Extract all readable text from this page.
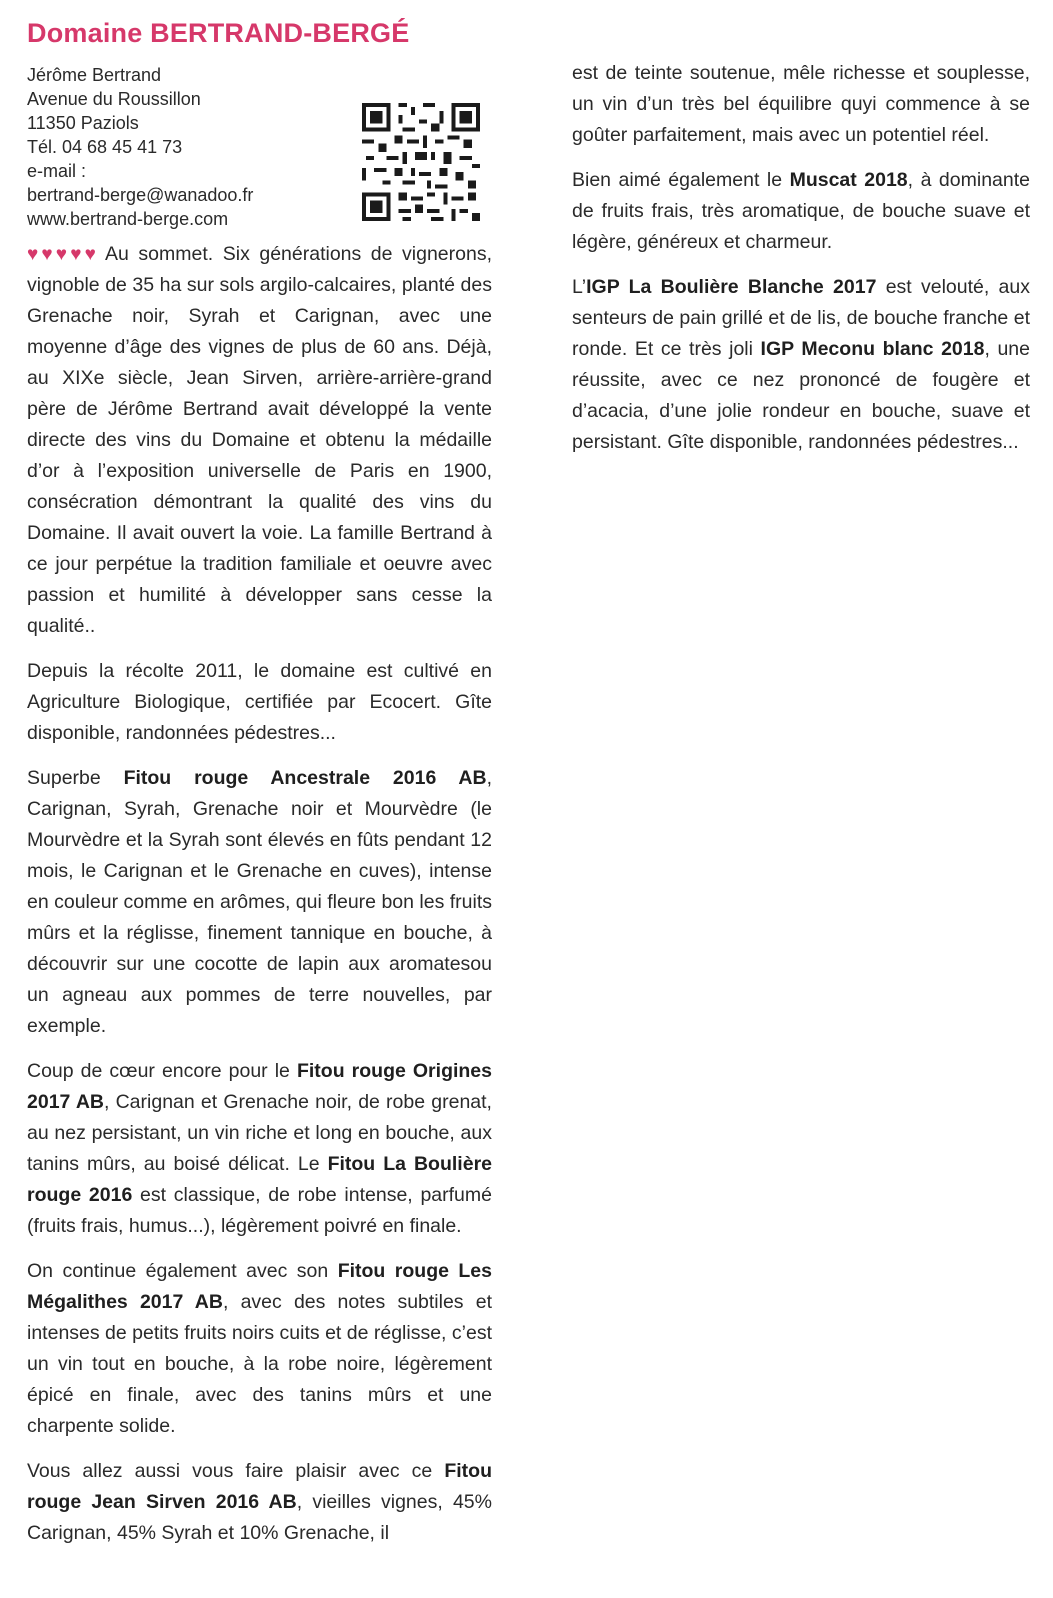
Domaine BERTRAND-BERGÉ
Jérôme Bertrand
Avenue du Roussillon
11350 Paziols
Tél. 04 68 45 41 73
e-mail :
bertrand-berge@wanadoo.fr
www.bertrand-berge.com

♥♥♥♥♥ Au sommet. Six générations de vignerons, vignoble de 35 ha sur sols argilo-calcaires, planté des Grenache noir, Syrah et Carignan, avec une moyenne d’âge des vignes de plus de 60 ans. Déjà, au XIXe siècle, Jean Sirven, arrière-arrière-grand père de Jérôme Bertrand avait développé la vente directe des vins du Domaine et obtenu la médaille d’or à l’exposition universelle de Paris en 1900, consécration démontrant la qualité des vins du Domaine. Il avait ouvert la voie. La famille Bertrand à ce jour perpétue la tradition familiale et oeuvre avec passion et humilité à développer sans cesse la qualité..

Depuis la récolte 2011, le domaine est cultivé en Agriculture Biologique, certifiée par Ecocert. Gîte disponible, randonnées pédestres...

Superbe Fitou rouge Ancestrale 2016 AB, Carignan, Syrah, Grenache noir et Mourvèdre (le Mourvèdre et la Syrah sont élevés en fûts pendant 12 mois, le Carignan et le Grenache en cuves), intense en couleur comme en arômes, qui fleure bon les fruits mûrs et la réglisse, finement tannique en bouche, à découvrir sur une cocotte de lapin aux aromatesou un agneau aux pommes de terre nouvelles, par exemple.

Coup de cœur encore pour le Fitou rouge Origines 2017 AB, Carignan et Grenache noir, de robe grenat, au nez persistant, un vin riche et long en bouche, aux tanins mûrs, au boisé délicat. Le Fitou La Boulière rouge 2016 est classique, de robe intense, parfumé (fruits frais, humus...), légèrement poivré en finale.

On continue également avec son Fitou rouge Les Mégalithes 2017 AB, avec des notes subtiles et intenses de petits fruits noirs cuits et de réglisse, c’est un vin tout en bouche, à la robe noire, légèrement épicé en finale, avec des tanins mûrs et une charpente solide.

Vous allez aussi vous faire plaisir avec ce Fitou rouge Jean Sirven 2016 AB, vieilles vignes, 45% Carignan, 45% Syrah et 10% Grenache, il

est de teinte soutenue, mêle richesse et souplesse, un vin d’un très bel équilibre quyi commence à se goûter parfaitement, mais avec un potentiel réel.

Bien aimé également le Muscat 2018, à dominante de fruits frais, très aromatique, de bouche suave et légère, généreux et charmeur.

L’IGP La Boulière Blanche 2017 est velouté, aux senteurs de pain grillé et de lis, de bouche franche et ronde. Et ce très joli IGP Meconu blanc 2018, une réussite, avec ce nez prononcé de fougère et d’acacia, d’une jolie rondeur en bouche, suave et persistant. Gîte disponible, randonnées pédestres...
